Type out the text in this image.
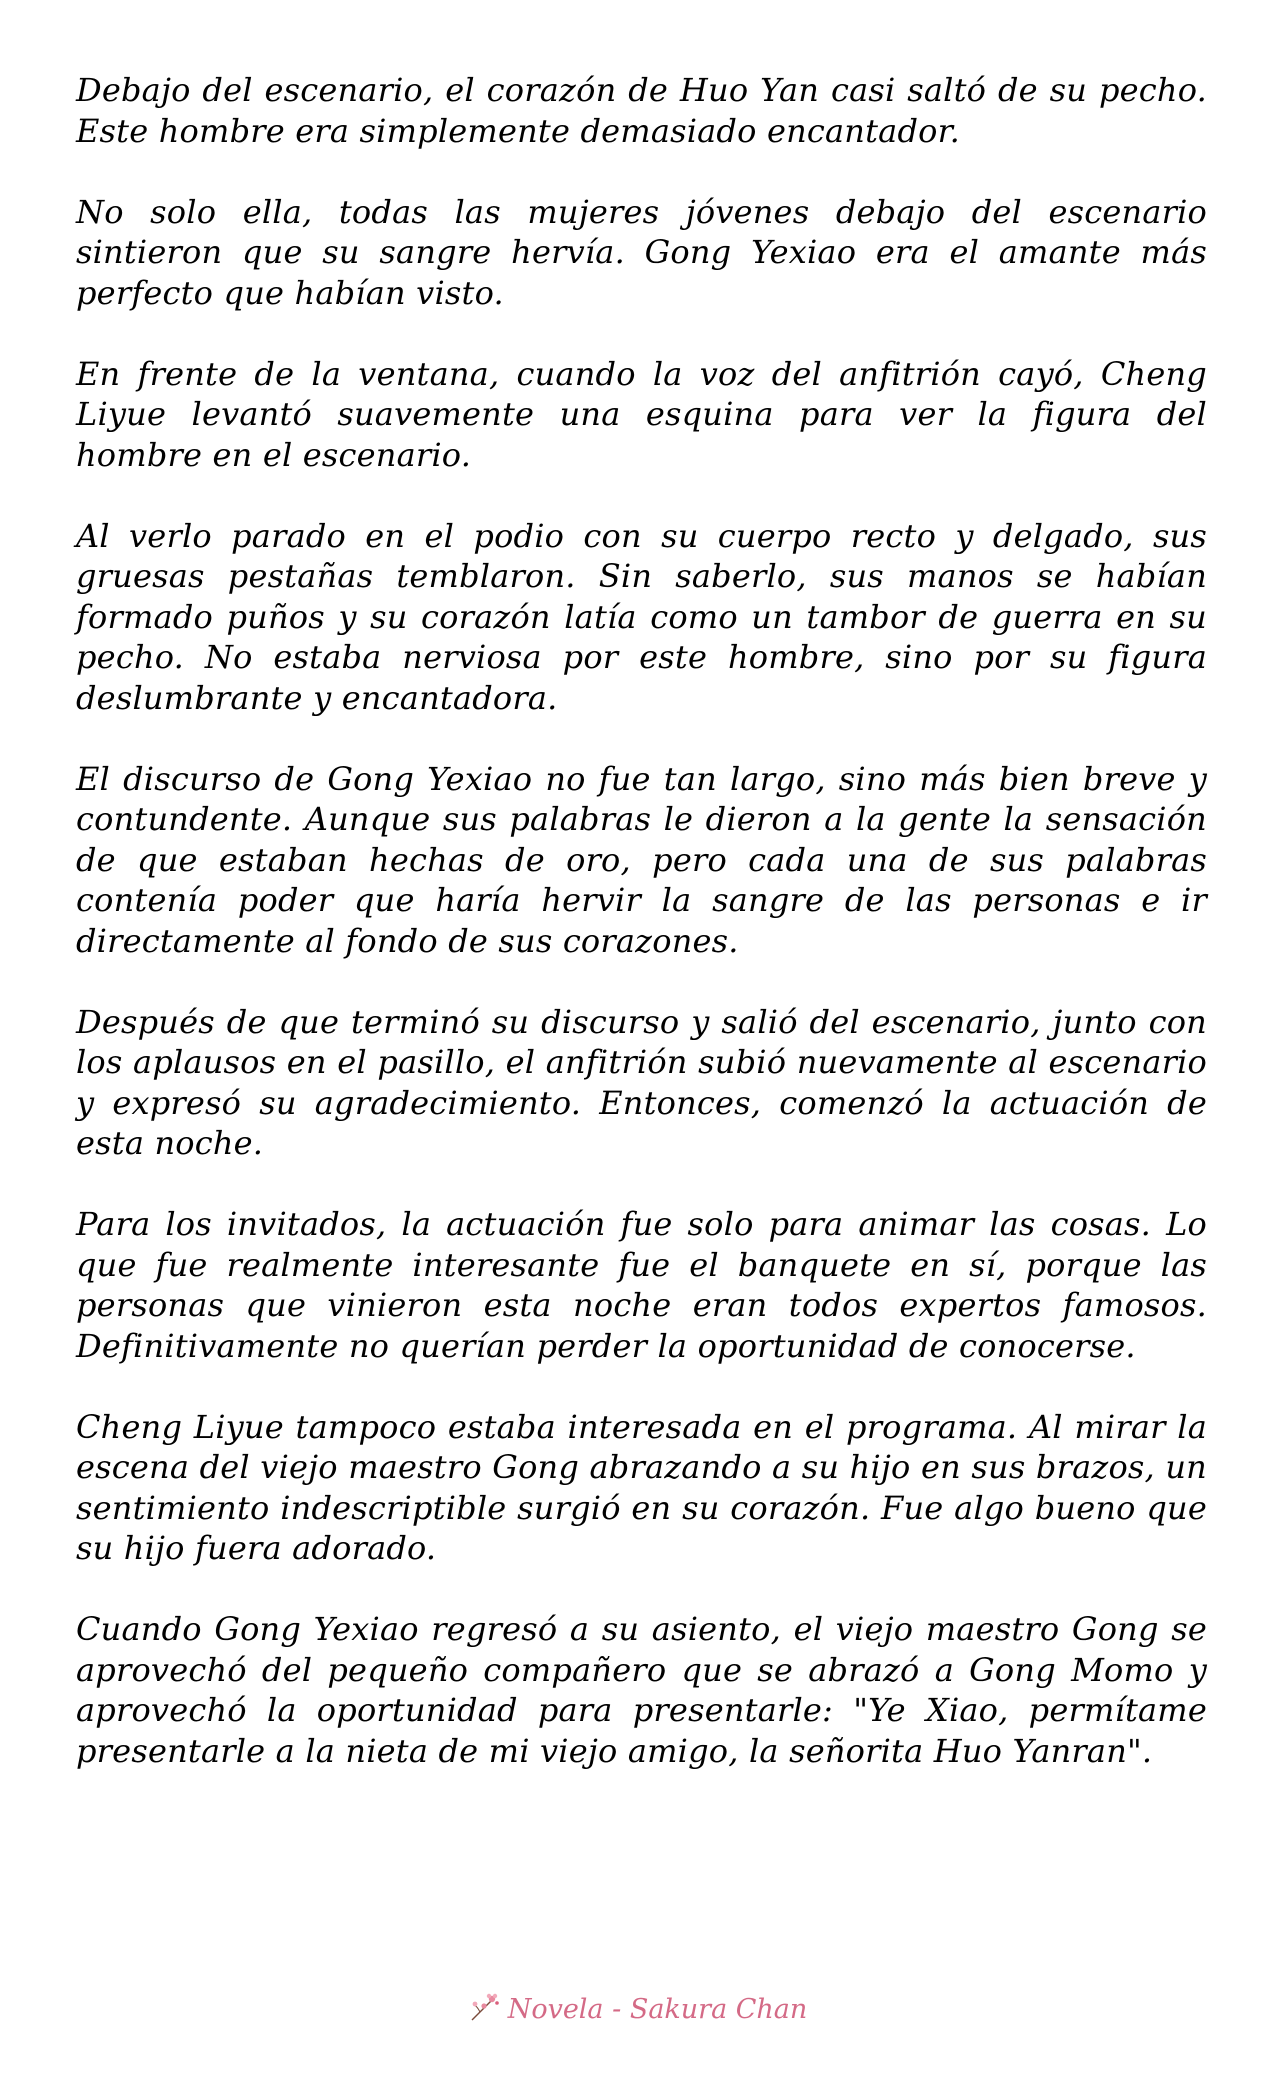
Debajo del escenario, el corazón de Huo Yan casi saltó de su pecho. Este hombre era simplemente demasiado encantador.

No solo ella, todas las mujeres jóvenes debajo del escenario sintieron que su sangre hervía. Gong Yexiao era el amante más perfecto que habían visto.

En frente de la ventana, cuando la voz del anfitrión cayó, Cheng Liyue levantó suavemente una esquina para ver la figura del hombre en el escenario.

Al verlo parado en el podio con su cuerpo recto y delgado, sus gruesas pestañas temblaron. Sin saberlo, sus manos se habían formado puños y su corazón latía como un tambor de guerra en su pecho. No estaba nerviosa por este hombre, sino por su figura deslumbrante y encantadora.

El discurso de Gong Yexiao no fue tan largo, sino más bien breve y contundente. Aunque sus palabras le dieron a la gente la sensación de que estaban hechas de oro, pero cada una de sus palabras contenía poder que haría hervir la sangre de las personas e ir directamente al fondo de sus corazones.

Después de que terminó su discurso y salió del escenario, junto con los aplausos en el pasillo, el anfitrión subió nuevamente al escenario y expresó su agradecimiento. Entonces, comenzó la actuación de esta noche.

Para los invitados, la actuación fue solo para animar las cosas. Lo que fue realmente interesante fue el banquete en sí, porque las personas que vinieron esta noche eran todos expertos famosos. Definitivamente no querían perder la oportunidad de conocerse.

Cheng Liyue tampoco estaba interesada en el programa. Al mirar la escena del viejo maestro Gong abrazando a su hijo en sus brazos, un sentimiento indescriptible surgió en su corazón. Fue algo bueno que su hijo fuera adorado.

Cuando Gong Yexiao regresó a su asiento, el viejo maestro Gong se aprovechó del pequeño compañero que se abrazó a Gong Momo y aprovechó la oportunidad para presentarle: "Ye Xiao, permítame presentarle a la nieta de mi viejo amigo, la señorita Huo Yanran".

Novela - Sakura Chan
